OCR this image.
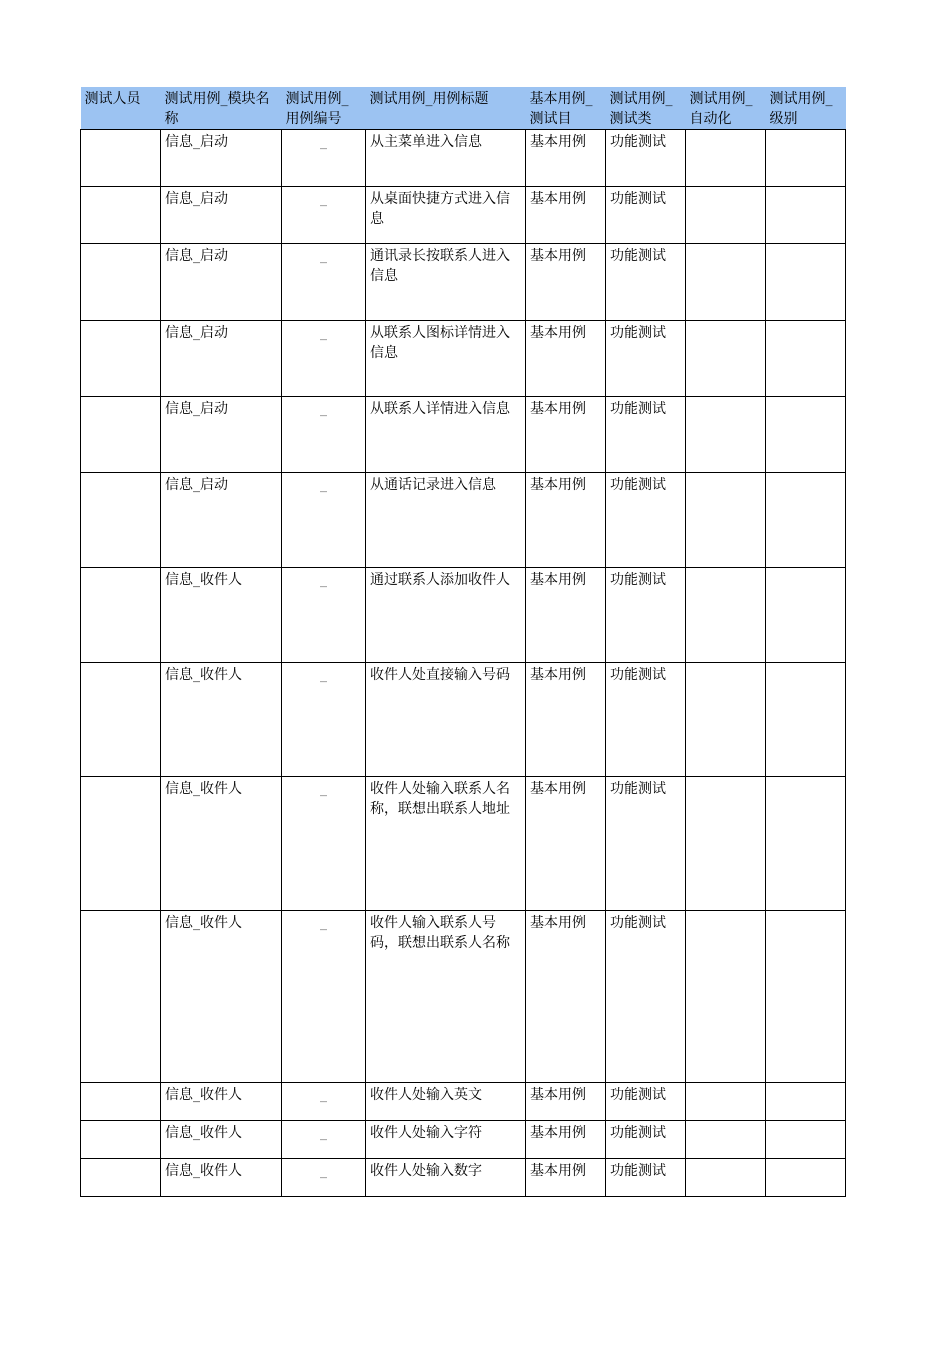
测试人员	测试用例_模块名称	测试用例_用例编号	测试用例_用例标题	基本用例_测试目	测试用例_测试类	测试用例_自动化	测试用例_级别
	信息_启动	_	从主菜单进入信息	基本用例	功能测试		
	信息_启动	_	从桌面快捷方式进入信息	基本用例	功能测试		
	信息_启动	_	通讯录长按联系人进入信息	基本用例	功能测试		
	信息_启动	_	从联系人图标详情进入信息	基本用例	功能测试		
	信息_启动	_	从联系人详情进入信息	基本用例	功能测试		
	信息_启动	_	从通话记录进入信息	基本用例	功能测试		
	信息_收件人	_	通过联系人添加收件人	基本用例	功能测试		
	信息_收件人	_	收件人处直接输入号码	基本用例	功能测试		
	信息_收件人	_	收件人处输入联系人名称，联想出联系人地址	基本用例	功能测试		
	信息_收件人	_	收件人输入联系人号码，联想出联系人名称	基本用例	功能测试		
	信息_收件人	_	收件人处输入英文	基本用例	功能测试		
	信息_收件人	_	收件人处输入字符	基本用例	功能测试		
	信息_收件人	_	收件人处输入数字	基本用例	功能测试		
